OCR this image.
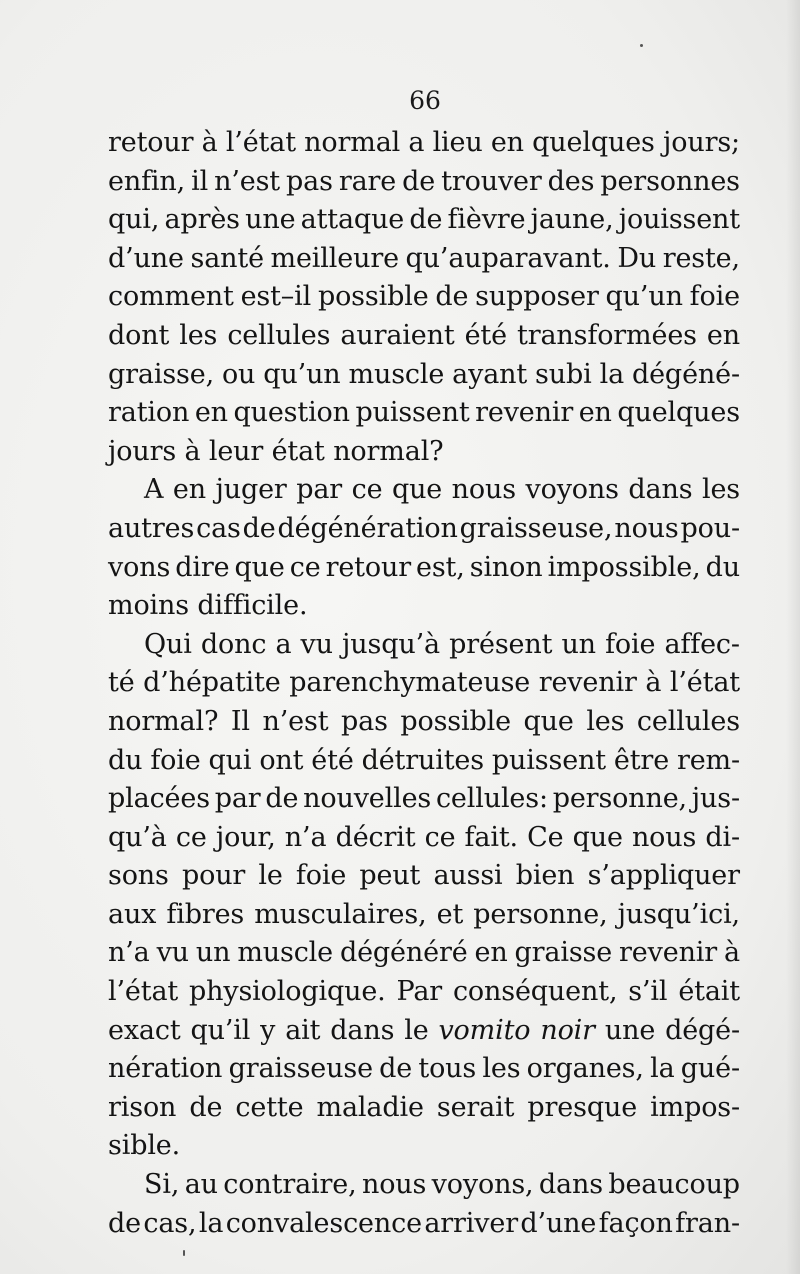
66
retour à l’état normal a lieu en quelques jours;
enfin, il n’est pas rare de trouver des personnes
qui, après une attaque de fièvre jaune, jouissent
d’une santé meilleure qu’auparavant. Du reste,
comment est–il possible de supposer qu’un foie
dont les cellules auraient été transformées en
graisse, ou qu’un muscle ayant subi la dégéné-
ration en question puissent revenir en quelques
jours à leur état normal?
A en juger par ce que nous voyons dans les
autres cas de dégénération graisseuse, nous pou-
vons dire que ce retour est, sinon impossible, du
moins difficile.
Qui donc a vu jusqu’à présent un foie affec-
té d’hépatite parenchymateuse revenir à l’état
normal? Il n’est pas possible que les cellules
du foie qui ont été détruites puissent être rem-
placées par de nouvelles cellules: personne, jus-
qu’à ce jour, n’a décrit ce fait. Ce que nous di-
sons pour le foie peut aussi bien s’appliquer
aux fibres musculaires, et personne, jusqu’ici,
n’a vu un muscle dégénéré en graisse revenir à
l’état physiologique. Par conséquent, s’il était
exact qu’il y ait dans le vomito noir une dégé-
nération graisseuse de tous les organes, la gué-
rison de cette maladie serait presque impos-
sible.
Si, au contraire, nous voyons, dans beaucoup
de cas, la convalescence arriver d’une façon fran-
